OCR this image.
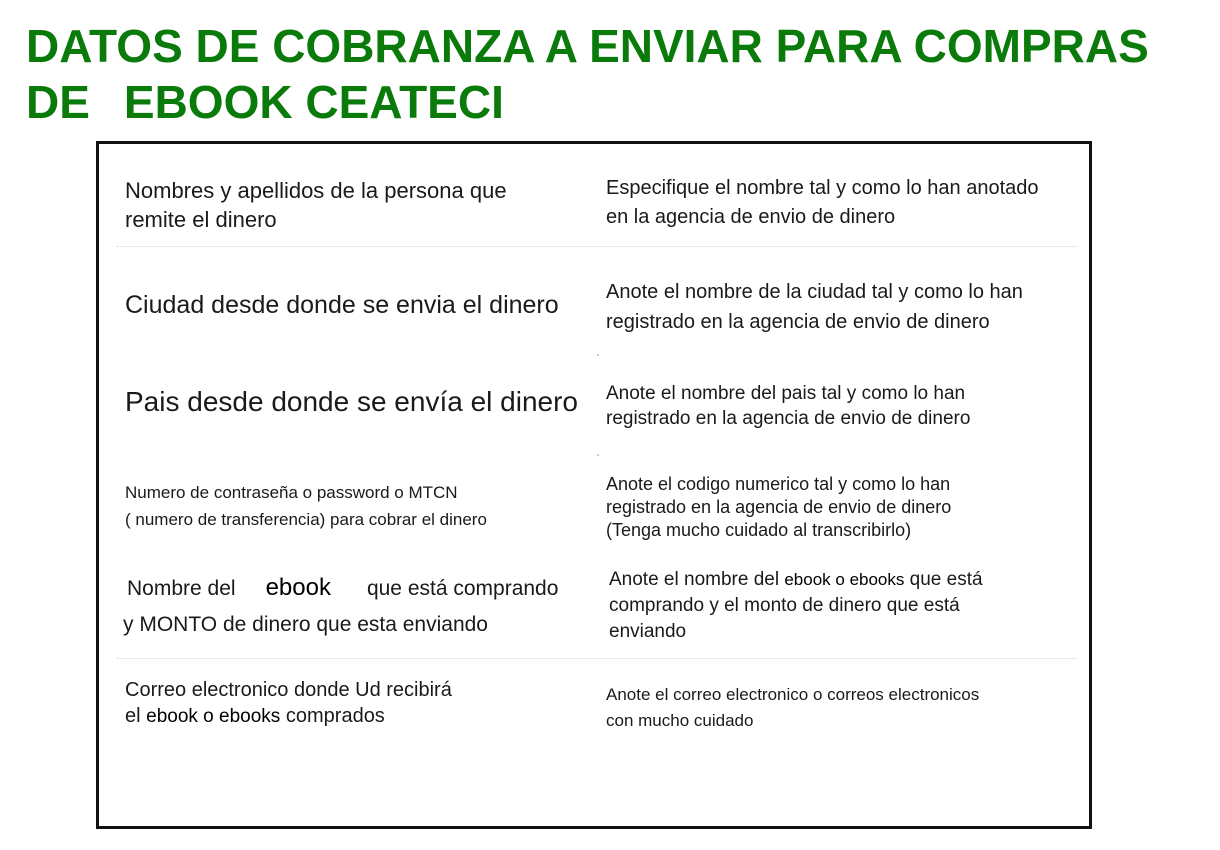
DATOS DE COBRANZA A ENVIAR PARA COMPRAS
DE EBOOK CEATECI
Nombres y apellidos de la persona que
remite el dinero
Especifique el nombre tal y como lo han anotado
en la agencia de envio de dinero
Ciudad desde donde se envia el dinero Anote el nombre de la ciudad tal y como lo han
registrado en la agencia de envio de dinero
Pais desde donde se envía el dinero Anote el nombre del pais tal y como lo han
registrado en la agencia de envio de dinero
Numero de contraseña o password o MTCN
( numero de transferencia) para cobrar el dinero
Anote el codigo numerico tal y como lo han
registrado en la agencia de envio de dinero
(Tenga mucho cuidado al transcribirlo)
Nombre del ebook que está comprando
y MONTO de dinero que esta enviando
Anote el nombre del ebook o ebooks que está
comprando y el monto de dinero que está
enviando
Correo electronico donde Ud recibirá
el ebook o ebooks comprados
Anote el correo electronico o correos electronicos
con mucho cuidado
